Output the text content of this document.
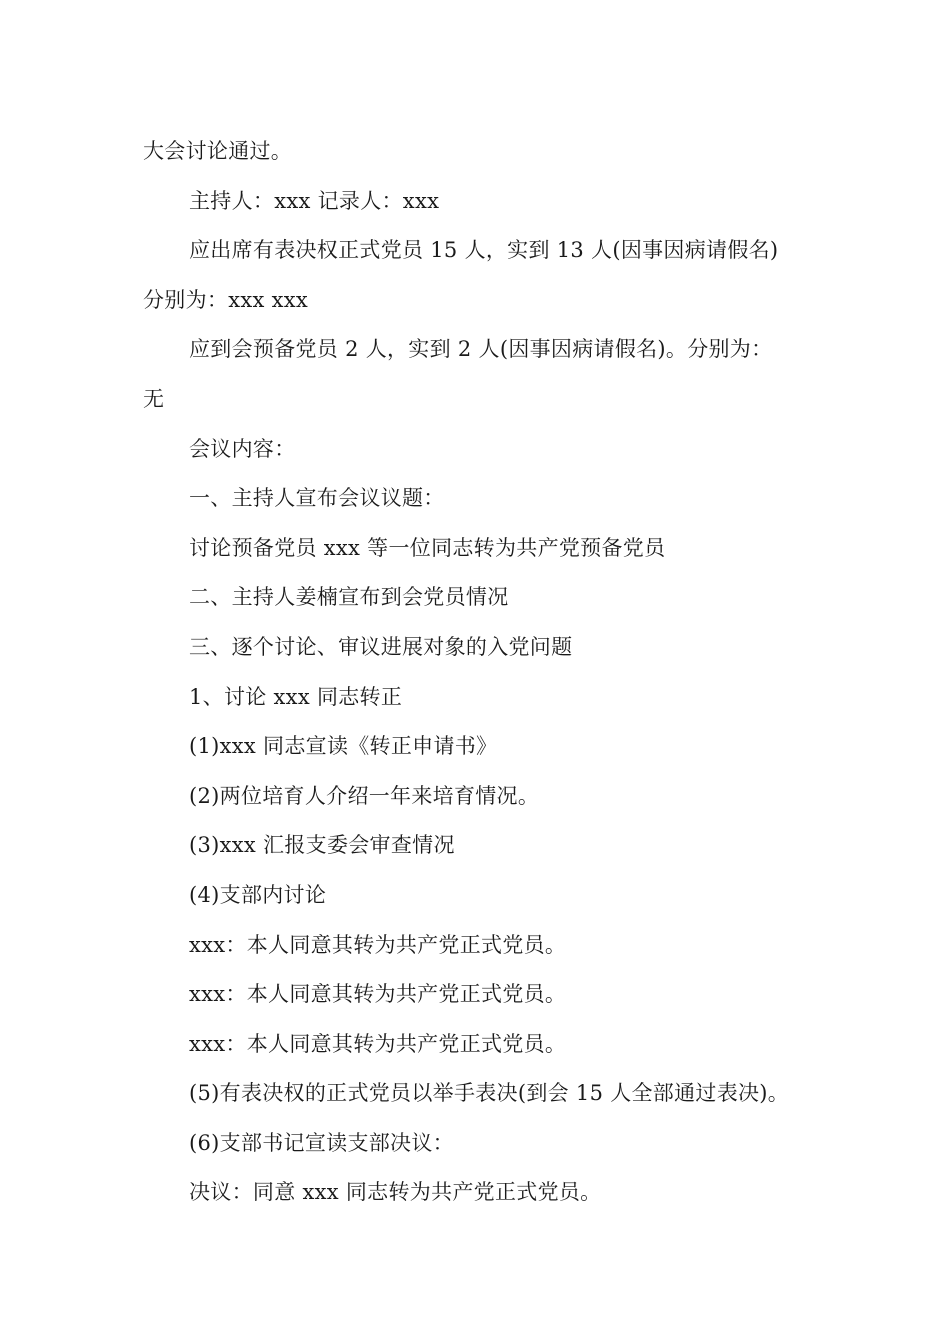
大会讨论通过。
主持人：xxx 记录人：xxx
应出席有表决权正式党员 15 人，实到 13 人(因事因病请假名)
分别为：xxx xxx
应到会预备党员 2 人，实到 2 人(因事因病请假名)。分别为：
无
会议内容：
一、主持人宣布会议议题：
讨论预备党员 xxx 等一位同志转为共产党预备党员
二、主持人姜楠宣布到会党员情况
三、逐个讨论、审议进展对象的入党问题
1、讨论 xxx 同志转正
(1)xxx 同志宣读《转正申请书》
(2)两位培育人介绍一年来培育情况。
(3)xxx 汇报支委会审查情况
(4)支部内讨论
xxx：本人同意其转为共产党正式党员。
xxx：本人同意其转为共产党正式党员。
xxx：本人同意其转为共产党正式党员。
(5)有表决权的正式党员以举手表决(到会 15 人全部通过表决)。
(6)支部书记宣读支部决议：
决议：同意 xxx 同志转为共产党正式党员。
